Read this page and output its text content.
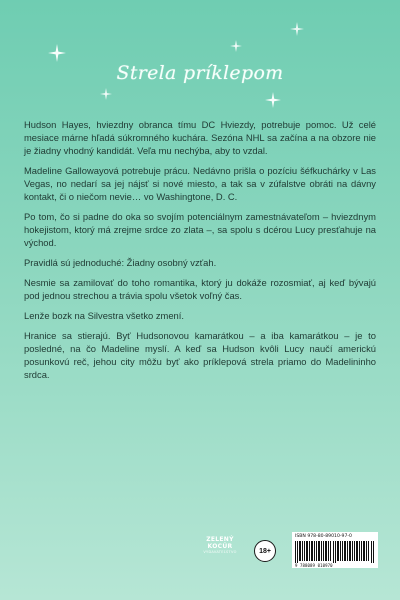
Strela príklepom

Hudson Hayes, hviezdny obranca tímu DC Hviezdy, potrebuje pomoc. Už celé mesiace márne hľadá súkromného kuchára. Sezóna NHL sa začína a na obzore nie je žiadny vhodný kandidát. Veľa mu nechýba, aby to vzdal.

Madeline Gallowayová potrebuje prácu. Nedávno prišla o pozíciu šéfkuchárky v Las Vegas, no nedarí sa jej nájsť si nové miesto, a tak sa v zúfalstve obráti na dávny kontakt, či o niečom nevie… vo Washingtone, D. C.

Po tom, čo si padne do oka so svojím potenciálnym zamestnávateľom – hviezdnym hokejistom, ktorý má zrejme srdce zo zlata –, sa spolu s dcérou Lucy presťahuje na východ.

Pravidlá sú jednoduché: Žiadny osobný vzťah.

Nesmie sa zamilovať do toho romantika, ktorý ju dokáže rozosmiať, aj keď bývajú pod jednou strechou a trávia spolu všetok voľný čas.

Lenže bozk na Silvestra všetko zmení.

Hranice sa stierajú. Byť Hudsonovou kamarátkou – a iba kamarátkou – je to posledné, na čo Madeline myslí. A keď sa Hudson kvôli Lucy naučí americkú posunkovú reč, jehou city môžu byť ako príklepová strela priamo do Madelininho srdca.

ZELENÝ
KOCÚR
VYDAVATEĽSTVO	18+
ISBN 978-80-89010-97-0
9 788089 010970
